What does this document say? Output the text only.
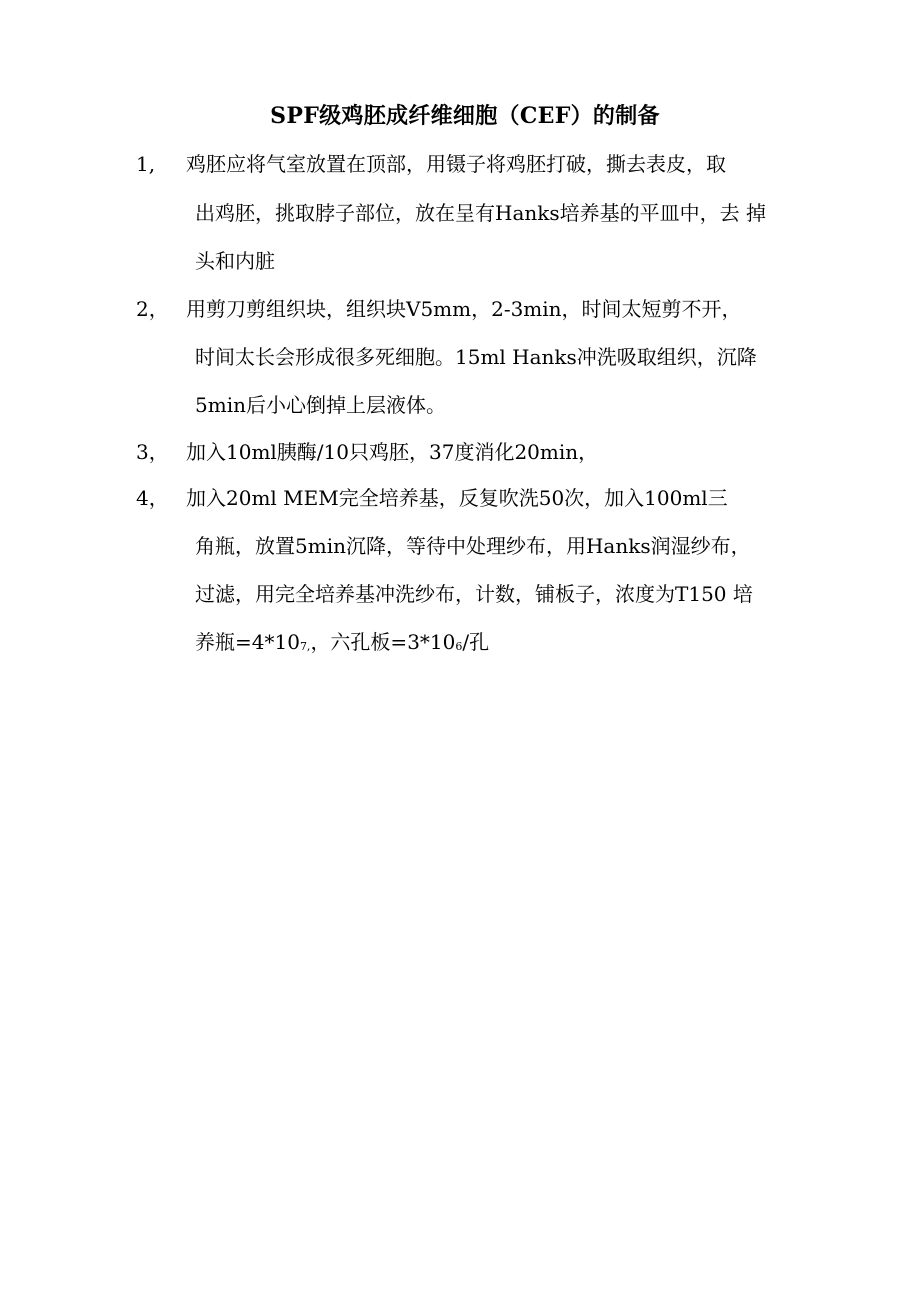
SPF级鸡胚成纤维细胞（CEF）的制备
1, 鸡胚应将气室放置在顶部，用镊子将鸡胚打破，撕去表皮，取
出鸡胚，挑取脖子部位，放在呈有Hanks培养基的平皿中，去 掉
头和内脏
2， 用剪刀剪组织块，组织块V5mm，2-3min，时间太短剪不开，
时间太长会形成很多死细胞。15ml Hanks冲洗吸取组织，沉降
5min后小心倒掉上层液体。
3， 加入10ml胰酶/10只鸡胚，37度消化20min，
4， 加入20ml MEM完全培养基，反复吹洗50次，加入100ml三
角瓶，放置5min沉降，等待中处理纱布，用Hanks润湿纱布，
过滤，用完全培养基冲洗纱布，计数，铺板子，浓度为T150 培
养瓶$=4*10_{7,}$，六孔板$=3*10_6/$孔
